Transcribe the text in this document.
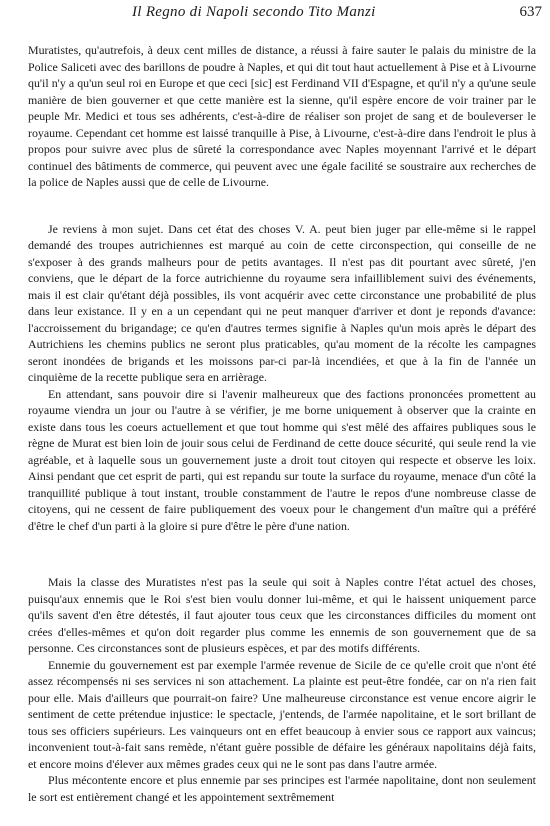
Il Regno di Napoli secondo Tito Manzi	637

Muratistes, qu'autrefois, à deux cent milles de distance, a réussi à faire sauter le palais du ministre de la Police Saliceti avec des barillons de poudre à Naples, et qui dit tout haut actuellement à Pise et à Livourne qu'il n'y a qu'un seul roi en Europe et que ceci [sic] est Ferdinand VII d'Espagne, et qu'il n'y a qu'une seule manière de bien gouverner et que cette manière est la sienne, qu'il espère encore de voir trainer par le peuple Mr. Medici et tous ses adhérents, c'est-à-dire de réaliser son projet de sang et de bouleverser le royaume. Cependant cet homme est laissé tranquille à Pise, à Livourne, c'est-à-dire dans l'endroit le plus à propos pour suivre avec plus de sûreté la correspondance avec Naples moyennant l'arrivé et le départ continuel des bâtiments de commerce, qui peuvent avec une égale facilité se soustraire aux recherches de la police de Naples aussi que de celle de Livourne.

Je reviens à mon sujet. Dans cet état des choses V. A. peut bien juger par elle-même si le rappel demandé des troupes autrichiennes est marqué au coin de cette circonspection, qui conseille de ne s'exposer à des grands malheurs pour de petits avantages. Il n'est pas dit pourtant avec sûreté, j'en conviens, que le départ de la force autrichienne du royaume sera infailliblement suivi des événements, mais il est clair qu'étant déjà possibles, ils vont acquérir avec cette circonstance une probabilité de plus dans leur existance. Il y en a un cependant qui ne peut manquer d'arriver et dont je reponds d'avance: l'accroissement du brigandage; ce qu'en d'autres termes signifie à Naples qu'un mois après le départ des Autrichiens les chemins publics ne seront plus praticables, qu'au moment de la récolte les campagnes seront inondées de brigands et les moissons par-ci par-là incendiées, et que à la fin de l'année un cinquième de la recette publique sera en arrièrage.

En attendant, sans pouvoir dire si l'avenir malheureux que des factions prononcées promettent au royaume viendra un jour ou l'autre à se vérifier, je me borne uniquement à observer que la crainte en existe dans tous les coeurs actuellement et que tout homme qui s'est mêlé des affaires publiques sous le règne de Murat est bien loin de jouir sous celui de Ferdinand de cette douce sécurité, qui seule rend la vie agréable, et à laquelle sous un gouvernement juste a droit tout citoyen qui respecte et observe les loix. Ainsi pendant que cet esprit de parti, qui est repandu sur toute la surface du royaume, menace d'un côté la tranquillité publique à tout instant, trouble constamment de l'autre le repos d'une nombreuse classe de citoyens, qui ne cessent de faire publiquement des voeux pour le changement d'un maître qui a préféré d'être le chef d'un parti à la gloire si pure d'être le père d'une nation.

Mais la classe des Muratistes n'est pas la seule qui soit à Naples contre l'état actuel des choses, puisqu'aux ennemis que le Roi s'est bien voulu donner lui-même, et qui le haissent uniquement parce qu'ils savent d'en être détestés, il faut ajouter tous ceux que les circonstances difficiles du moment ont crées d'elles-mêmes et qu'on doit regarder plus comme les ennemis de son gouvernement que de sa personne. Ces circonstances sont de plusieurs espèces, et par des motifs différents.

Ennemie du gouvernement est par exemple l'armée revenue de Sicile de ce qu'elle croit que n'ont été assez récompensés ni ses services ni son attachement. La plainte est peut-être fondée, car on n'a rien fait pour elle. Mais d'ailleurs que pourrait-on faire? Une malheureuse circonstance est venue encore aigrir le sentiment de cette prétendue injustice: le spectacle, j'entends, de l'armée napolitaine, et le sort brillant de tous ses officiers supérieurs. Les vainqueurs ont en effet beaucoup à envier sous ce rapport aux vaincus; inconvenient tout-à-fait sans remède, n'étant guère possible de défaire les généraux napolitains déjà faits, et encore moins d'élever aux mêmes grades ceux qui ne le sont pas dans l'autre armée.

Plus mécontente encore et plus ennemie par ses principes est l'armée napolitaine, dont non seulement le sort est entièrement changé et les appointement sextrêmement
